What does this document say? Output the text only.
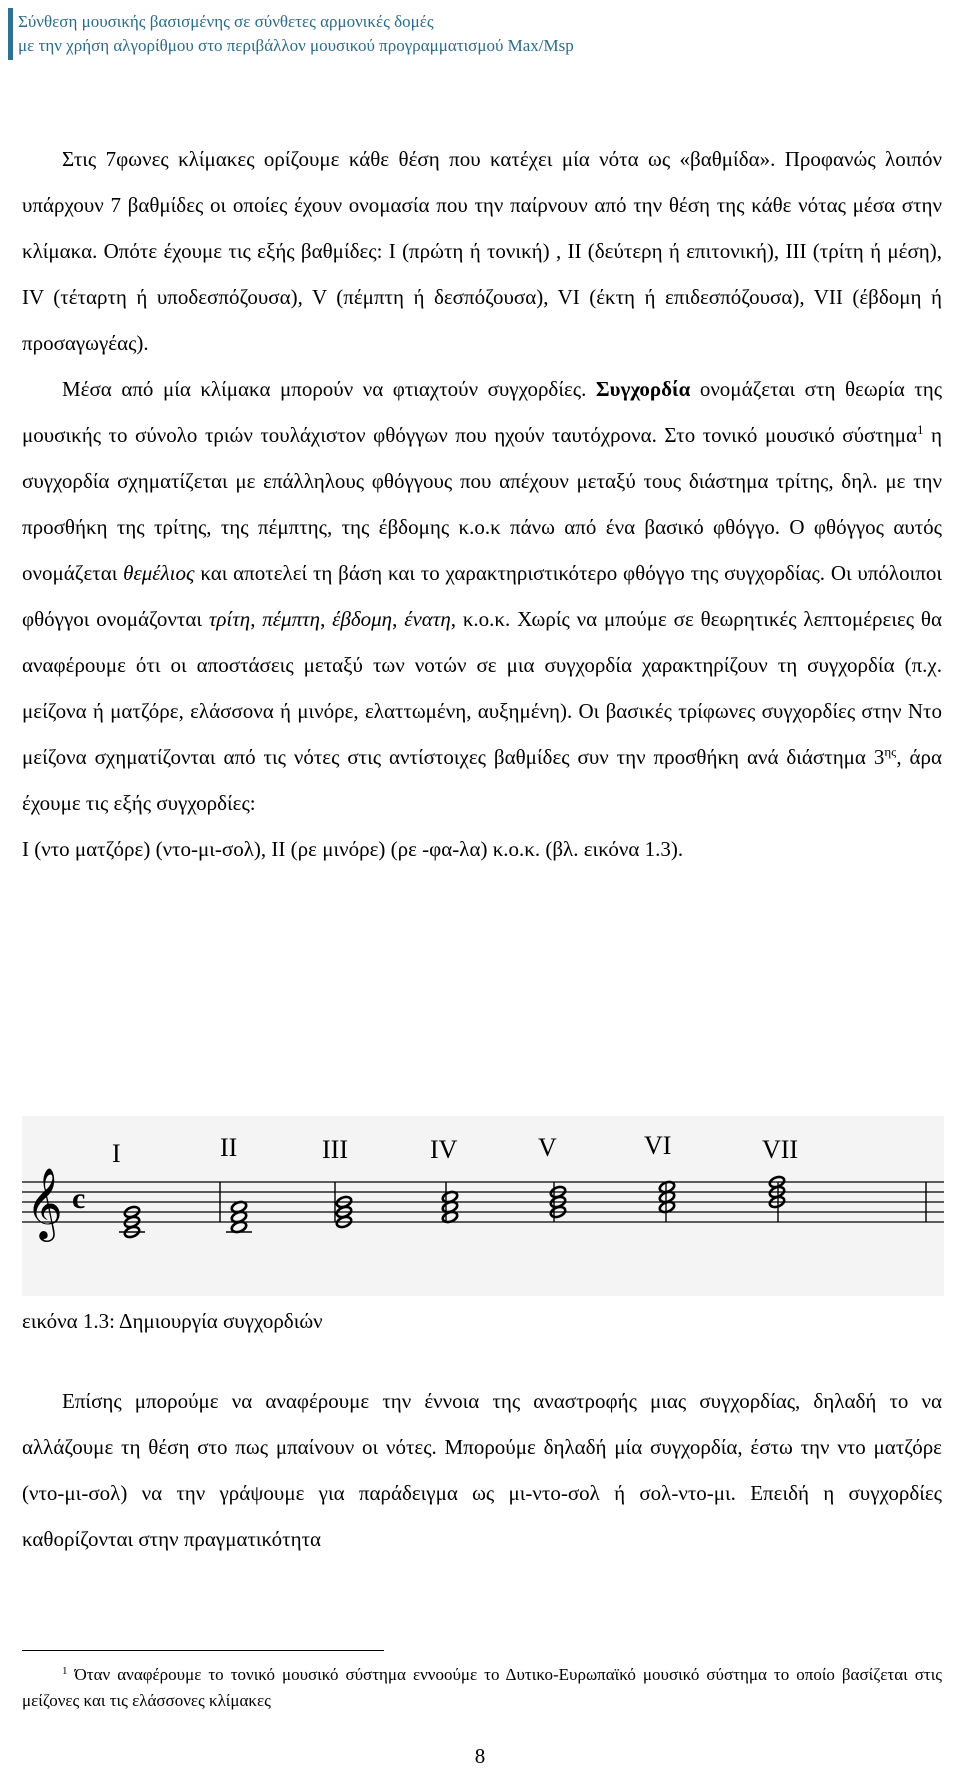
Σύνθεση μουσικής βασισμένης σε σύνθετες αρμονικές δομές
με την χρήση αλγορίθμου στο περιβάλλον μουσικού προγραμματισμού Max/Msp

Στις 7φωνες κλίμακες ορίζουμε κάθε θέση που κατέχει μία νότα ως «βαθμίδα». Προφανώς λοιπόν υπάρχουν 7 βαθμίδες οι οποίες έχουν ονομασία που την παίρνουν από την θέση της κάθε νότας μέσα στην κλίμακα. Οπότε έχουμε τις εξής βαθμίδες: I (πρώτη ή τονική) , II (δεύτερη ή επιτονική), III (τρίτη ή μέση), IV (τέταρτη ή υποδεσπόζουσα), V (πέμπτη ή δεσπόζουσα), VI (έκτη ή επιδεσπόζουσα), VII (έβδομη ή προσαγωγέας).

Μέσα από μία κλίμακα μπορούν να φτιαχτούν συγχορδίες. Συγχορδία ονομάζεται στη θεωρία της μουσικής το σύνολο τριών τουλάχιστον φθόγγων που ηχούν ταυτόχρονα. Στο τονικό μουσικό σύστημα$^1$ η συγχορδία σχηματίζεται με επάλληλους φθόγγους που απέχουν μεταξύ τους διάστημα τρίτης, δηλ. με την προσθήκη της τρίτης, της πέμπτης, της έβδομης κ.ο.κ πάνω από ένα βασικό φθόγγο. Ο φθόγγος αυτός ονομάζεται θεμέλιος και αποτελεί τη βάση και το χαρακτηριστικότερο φθόγγο της συγχορδίας. Οι υπόλοιποι φθόγγοι ονομάζονται τρίτη, πέμπτη, έβδομη, ένατη, κ.ο.κ. Χωρίς να μπούμε σε θεωρητικές λεπτομέρειες θα αναφέρουμε ότι οι αποστάσεις μεταξύ των νοτών σε μια συγχορδία χαρακτηρίζουν τη συγχορδία (π.χ. μείζονα ή ματζόρε, ελάσσονα ή μινόρε, ελαττωμένη, αυξημένη). Οι βασικές τρίφωνες συγχορδίες στην Ντο μείζονα σχηματίζονται από τις νότες στις αντίστοιχες βαθμίδες συν την προσθήκη ανά διάστημα $3^{\eta\varsigma}$, άρα έχουμε τις εξής συγχορδίες:

I (ντο ματζόρε) (ντο-μι-σολ), II (ρε μινόρε) (ρε -φα-λα) κ.ο.κ. (βλ. εικόνα 1.3).

I	II	III	IV	V	VI	VII
𝄞 c
εικόνα 1.3: Δημιουργία συγχορδιών

Επίσης μπορούμε να αναφέρουμε την έννοια της αναστροφής μιας συγχορδίας, δηλαδή το να αλλάζουμε τη θέση στο πως μπαίνουν οι νότες. Μπορούμε δηλαδή μία συγχορδία, έστω την ντο ματζόρε (ντο-μι-σολ) να την γράψουμε για παράδειγμα ως μι-ντο-σολ ή σολ-ντο-μι. Επειδή η συγχορδίες καθορίζονται στην πραγματικότητα

$^1$ Όταν αναφέρουμε το τονικό μουσικό σύστημα εννοούμε το Δυτικο-Ευρωπαϊκό μουσικό σύστημα το οποίο βασίζεται στις μείζονες και τις ελάσσονες κλίμακες
8
